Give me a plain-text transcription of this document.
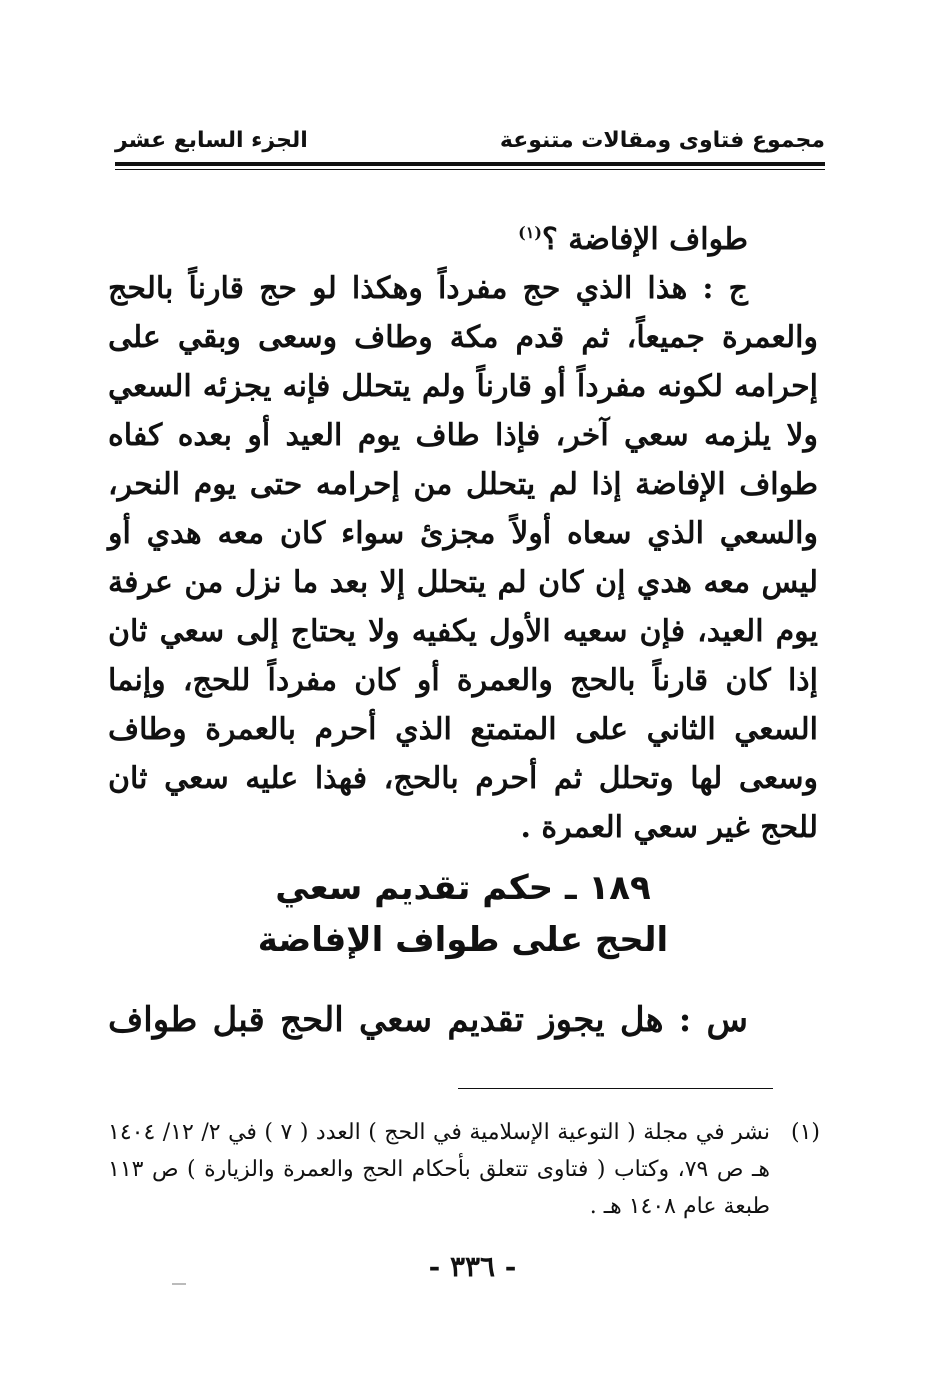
مجموع فتاوى ومقالات متنوعة
الجزء السابع عشر
طواف الإفاضة ؟$^{(١)}$
ج : هذا الذي حج مفرداً وهكذا لو حج قارناً بالحج والعمرة جميعاً، ثم قدم مكة وطاف وسعى وبقي على إحرامه لكونه مفرداً أو قارناً ولم يتحلل فإنه يجزئه السعي ولا يلزمه سعي آخر، فإذا طاف يوم العيد أو بعده كفاه طواف الإفاضة إذا لم يتحلل من إحرامه حتى يوم النحر، والسعي الذي سعاه أولاً مجزئ سواء كان معه هدي أو ليس معه هدي إن كان لم يتحلل إلا بعد ما نزل من عرفة يوم العيد، فإن سعيه الأول يكفيه ولا يحتاج إلى سعي ثان إذا كان قارناً بالحج والعمرة أو كان مفرداً للحج، وإنما السعي الثاني على المتمتع الذي أحرم بالعمرة وطاف وسعى لها وتحلل ثم أحرم بالحج، فهذا عليه سعي ثان للحج غير سعي العمرة .
١٨٩ ـ حكم تقديم سعي
الحج على طواف الإفاضة
س : هل يجوز تقديم سعي الحج قبل طواف
(١)
نشر في مجلة ( التوعية الإسلامية في الحج ) العدد ( ٧ ) في ٢/ ١٢/ ١٤٠٤ هـ ص ٧٩، وكتاب ( فتاوى تتعلق بأحكام الحج والعمرة والزيارة ) ص ١١٣ طبعة عام ١٤٠٨ هـ .
- ٣٣٦ -
